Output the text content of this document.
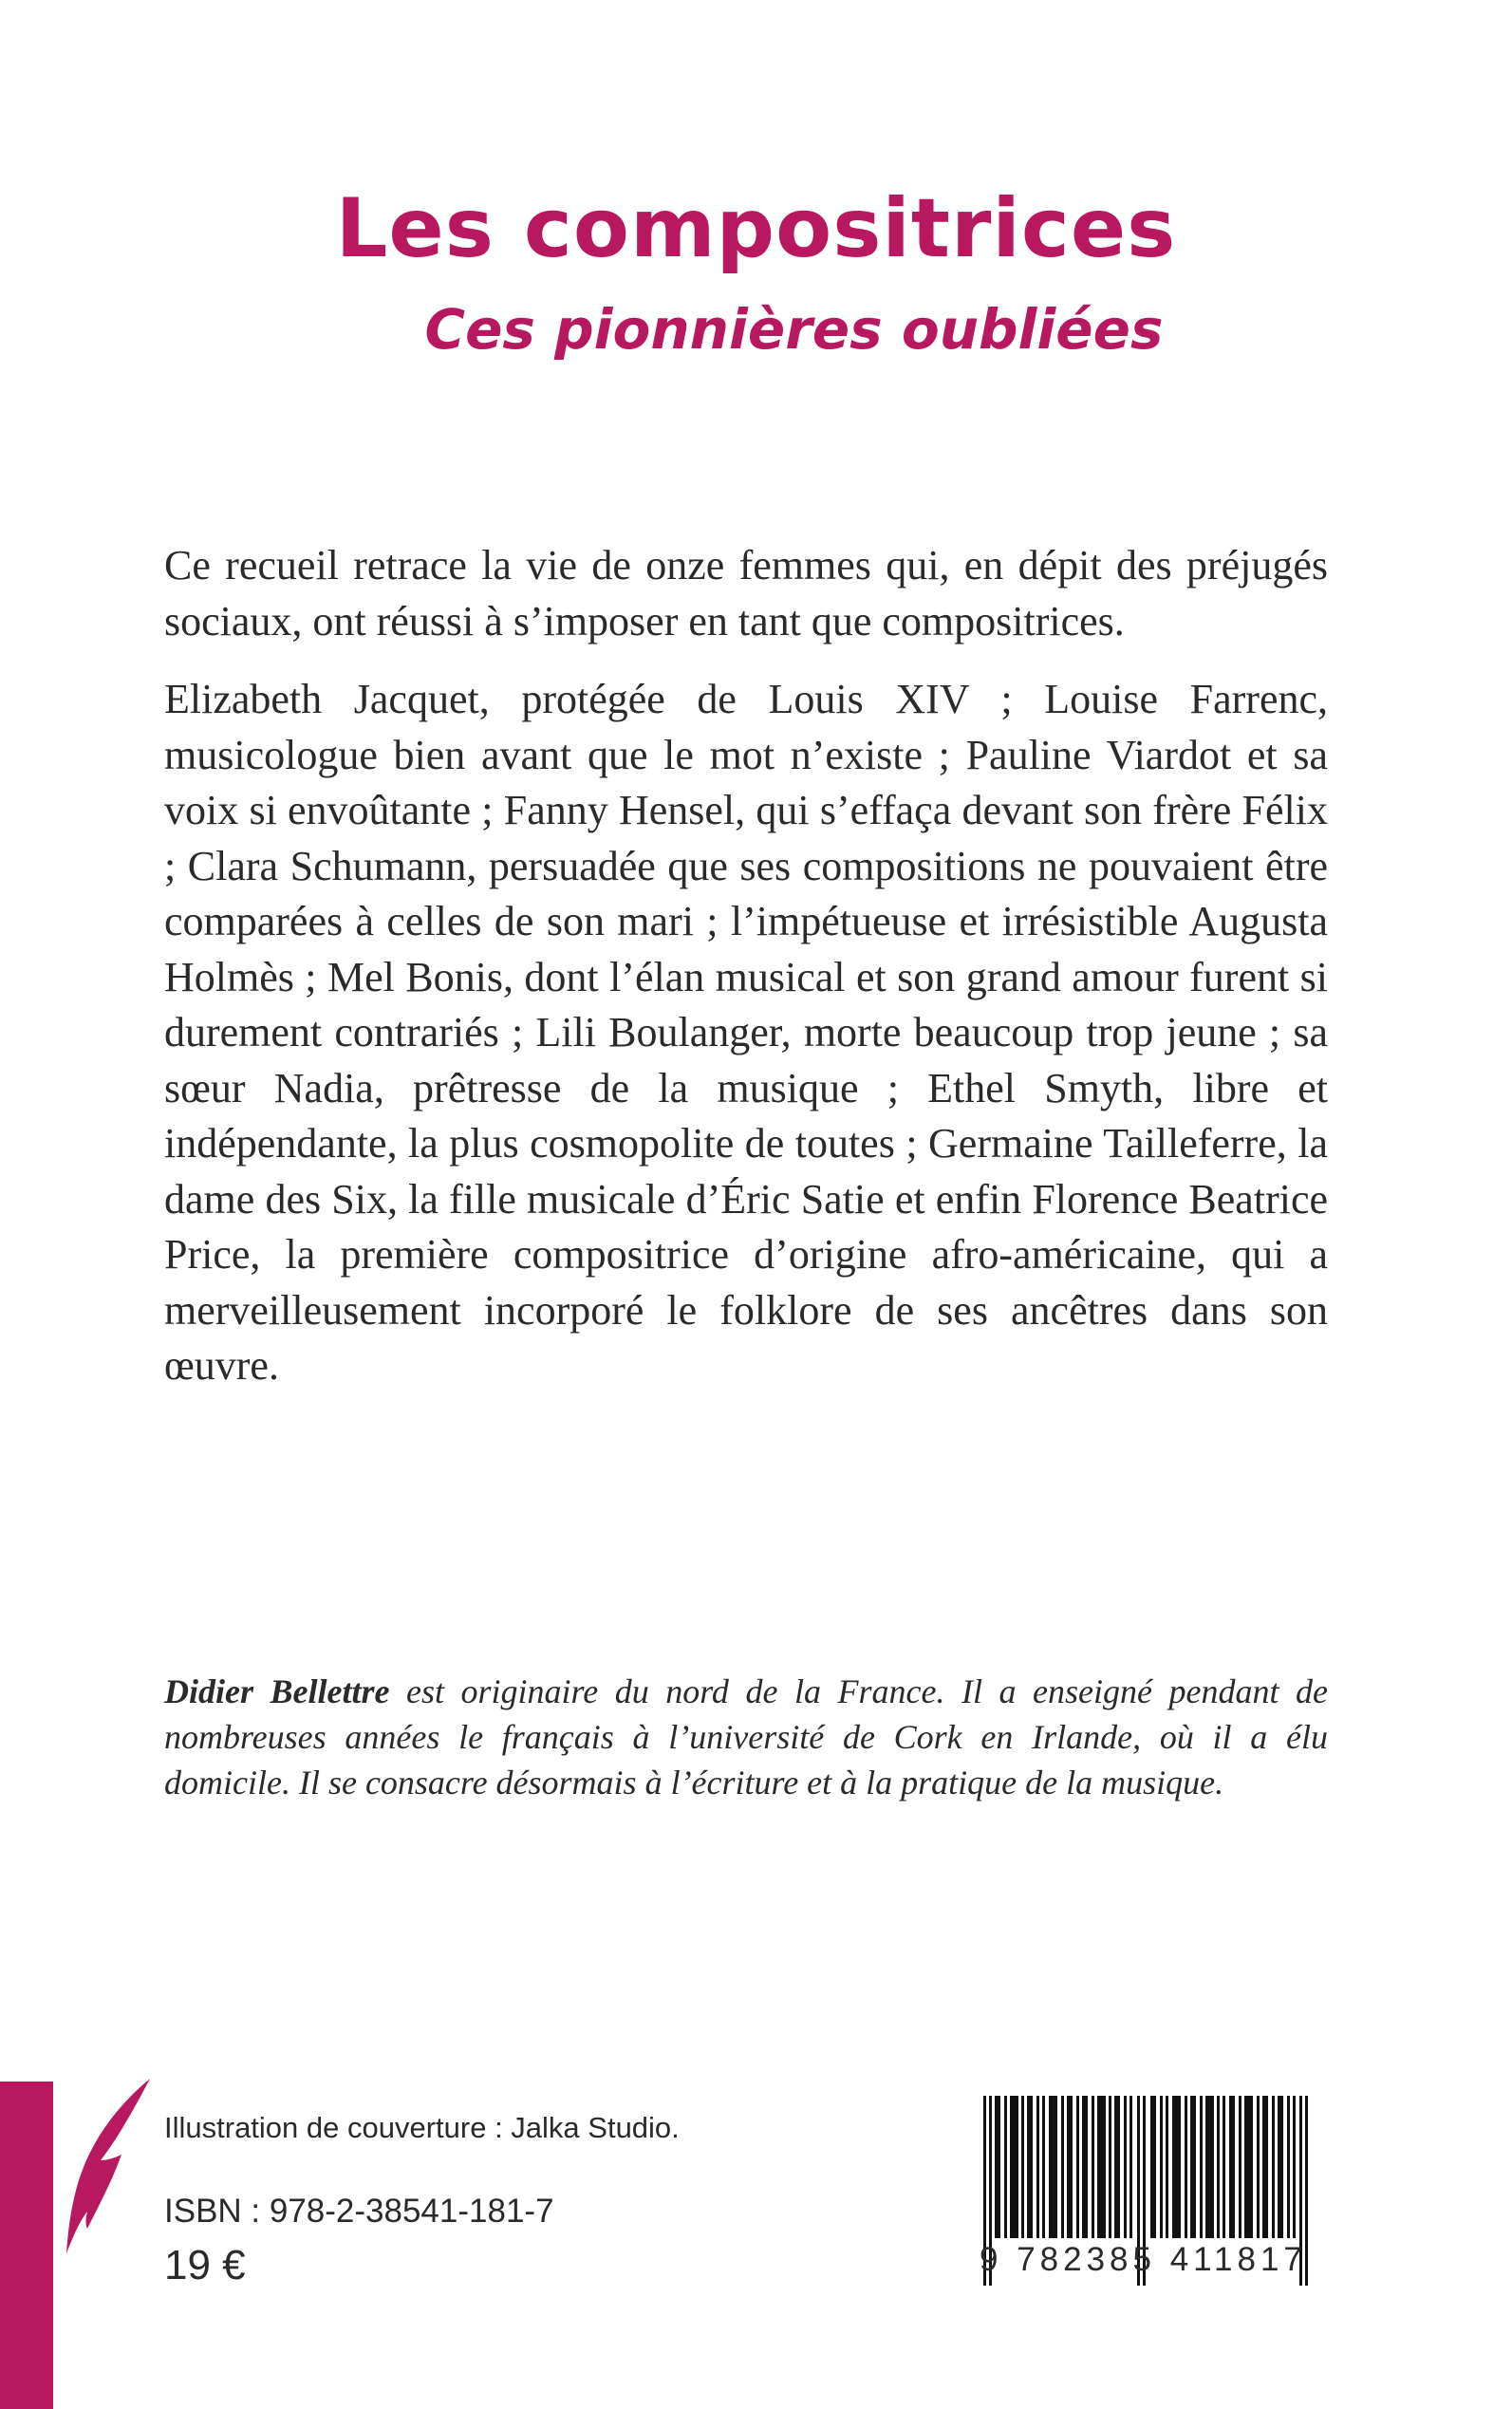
Les compositrices
Ces pionnières oubliées

Ce recueil retrace la vie de onze femmes qui, en dépit des préjugés sociaux, ont réussi à s’imposer en tant que compositrices.

Elizabeth Jacquet, protégée de Louis XIV ; Louise Farrenc, musicologue bien avant que le mot n’existe ; Pauline Viardot et sa voix si envoûtante ; Fanny Hensel, qui s’effaça devant son frère Félix ; Clara Schumann, persuadée que ses compositions ne pouvaient être comparées à celles de son mari ; l’impétueuse et irrésistible Augusta Holmès ; Mel Bonis, dont l’élan musical et son grand amour furent si durement contrariés ; Lili Boulanger, morte beaucoup trop jeune ; sa sœur Nadia, prêtresse de la musique ; Ethel Smyth, libre et indépendante, la plus cosmopolite de toutes ; Germaine Tailleferre, la dame des Six, la fille musicale d’Éric Satie et enfin Florence Beatrice Price, la première compositrice d’origine afro-américaine, qui a merveilleusement incorporé le folklore de ses ancêtres dans son œuvre.

Didier Bellettre est originaire du nord de la France. Il a enseigné pendant de nombreuses années le français à l’université de Cork en Irlande, où il a élu domicile. Il se consacre désormais à l’écriture et à la pratique de la musique.
Illustration de couverture : Jalka Studio.
ISBN : 978-2-38541-181-7
19 €	9 782385 411817
